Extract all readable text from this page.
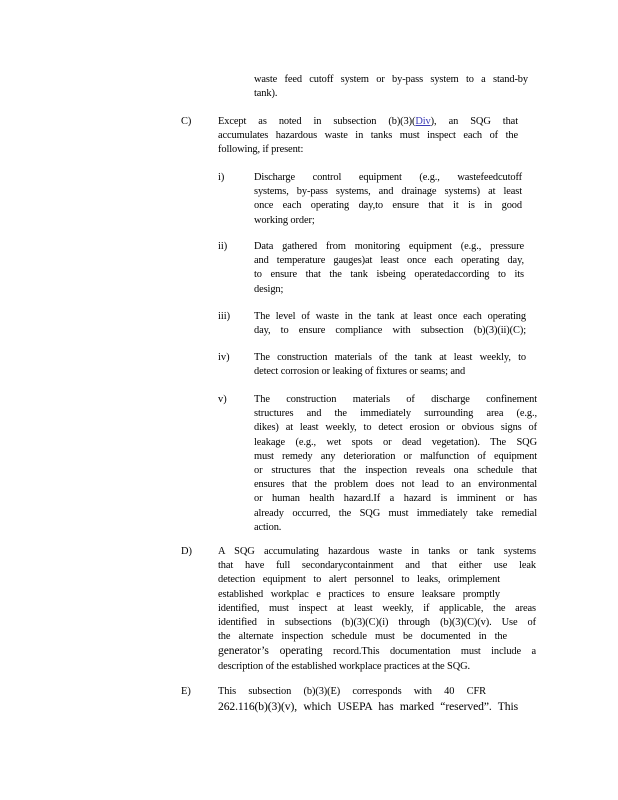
waste feed cutoff system or by-pass system to a stand-by
tank).
C)	Except as noted in subsection (b)(3)(Div), an SQG that
accumulates hazardous waste in tanks must inspect each of the
following, if present:
i)	Discharge control equipment (e.g., wastefeedcutoff
systems, by-pass systems, and drainage systems) at least
once each operating day,to ensure that it is in good
working order;
ii)	Data gathered from monitoring equipment (e.g., pressure
and temperature gauges)at least once each operating day,
to ensure that the tank isbeing operatedaccording to its
design;
iii) The level of waste in the tank at least once each operating
day, to ensure compliance with subsection (b)(3)(ii)(C);
iv) The construction materials of the tank at least weekly, to
detect corrosion or leaking of fixtures or seams; and
v)	The construction materials of discharge confinement
structures and the immediately surrounding area (e.g.,
dikes) at least weekly, to detect erosion or obvious signs of
leakage (e.g., wet spots or dead vegetation). The SQG
must remedy any deterioration or malfunction of equipment
or structures that the inspection reveals ona schedule that
ensures that the problem does not lead to an environmental
or human health hazard.If a hazard is imminent or has
already occurred, the SQG must immediately take remedial
action.
D)	A SQG accumulating hazardous waste in tanks or tank systems
that have full secondarycontainment and that either use leak
detection equipment to alert personnel to leaks, orimplement
established workplac e practices to ensure leaksare promptly
identified, must inspect at least weekly, if applicable, the areas
identified in subsections (b)(3)(C)(i) through (b)(3)(C)(v). Use of
the alternate inspection schedule must be documented in the
generator’s operating record.This documentation must include a
description of the established workplace practices at the SQG.
E)	This subsection (b)(3)(E) corresponds with 40 CFR
262.116(b)(3)(v), which USEPA has marked “reserved”. This
